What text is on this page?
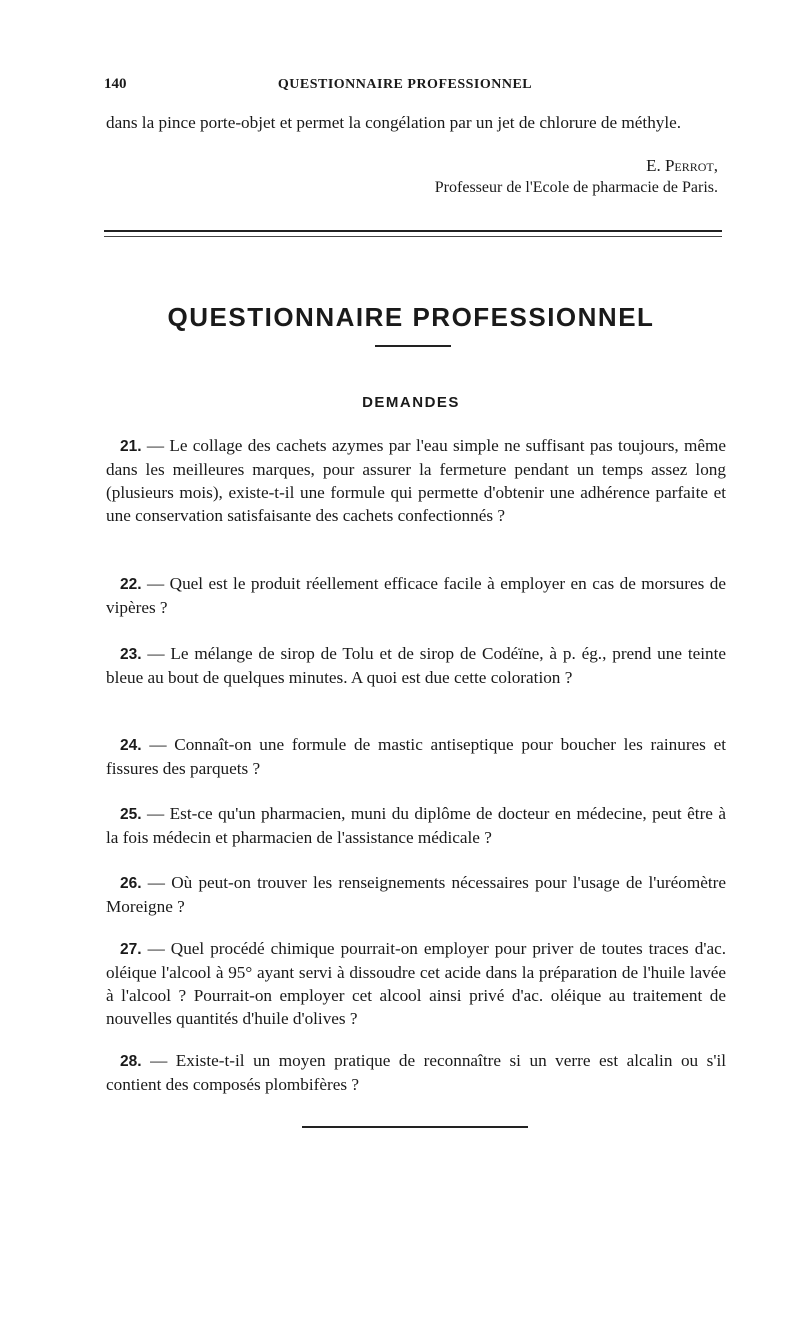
140	QUESTIONNAIRE PROFESSIONNEL
dans la pince porte-objet et permet la congélation par un jet de chlorure de méthyle.
E. Perrot,
Professeur de l'Ecole de pharmacie de Paris.
QUESTIONNAIRE PROFESSIONNEL
DEMANDES

21. — Le collage des cachets azymes par l'eau simple ne suffisant pas toujours, même dans les meilleures marques, pour assurer la fermeture pendant un temps assez long (plusieurs mois), existe-t-il une formule qui permette d'obtenir une adhérence parfaite et une conservation satisfaisante des cachets confectionnés ?

22. — Quel est le produit réellement efficace facile à employer en cas de morsures de vipères ?

23. — Le mélange de sirop de Tolu et de sirop de Codéïne, à p. ég., prend une teinte bleue au bout de quelques minutes. A quoi est due cette coloration ?

24. — Connaît-on une formule de mastic antiseptique pour boucher les rainures et fissures des parquets ?

25. — Est-ce qu'un pharmacien, muni du diplôme de docteur en médecine, peut être à la fois médecin et pharmacien de l'assistance médicale ?

26. — Où peut-on trouver les renseignements nécessaires pour l'usage de l'uréomètre Moreigne ?

27. — Quel procédé chimique pourrait-on employer pour priver de toutes traces d'ac. oléique l'alcool à 95° ayant servi à dissoudre cet acide dans la préparation de l'huile lavée à l'alcool ? Pourrait-on employer cet alcool ainsi privé d'ac. oléique au traitement de nouvelles quantités d'huile d'olives ?

28. — Existe-t-il un moyen pratique de reconnaître si un verre est alcalin ou s'il contient des composés plombifères ?
